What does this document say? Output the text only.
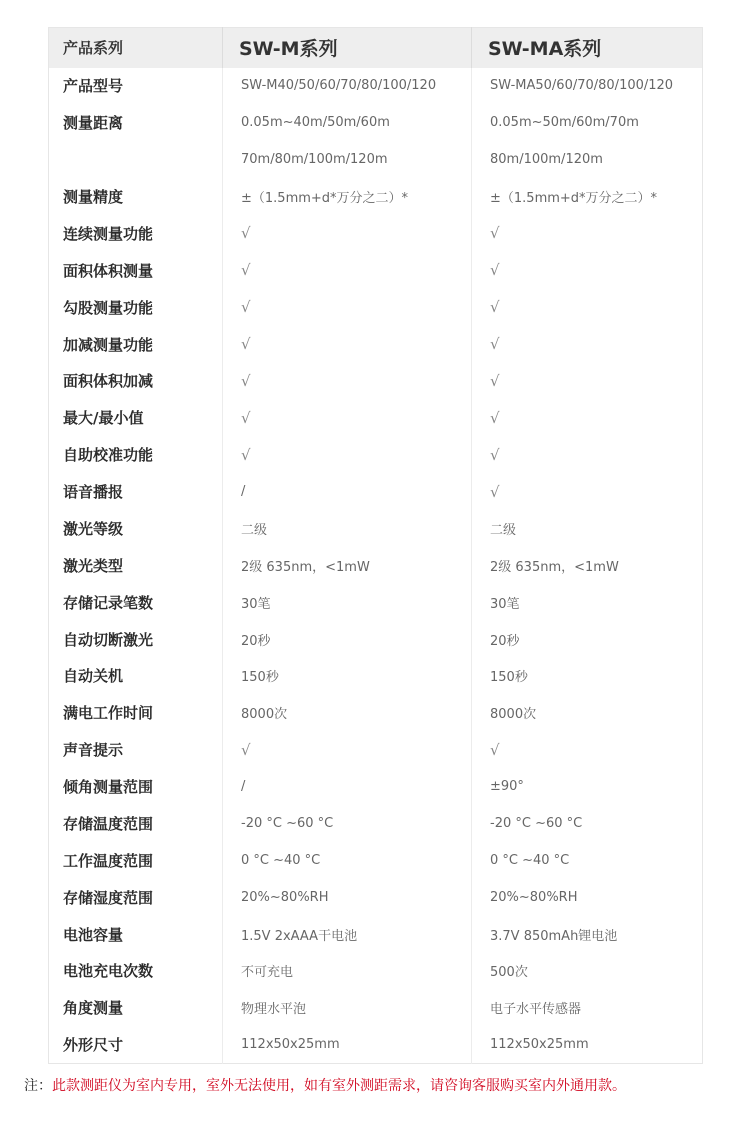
产品系列	SW-M系列	SW-MA系列
产品型号	SW-M40/50/60/70/80/100/120	SW-MA50/60/70/80/100/120
测量距离	0.05m~40m/50m/60m	0.05m~50m/60m/70m
	70m/80m/100m/120m	80m/100m/120m
测量精度	±（1.5mm+d*万分之二）*	±（1.5mm+d*万分之二）*
连续测量功能	√	√
面积体积测量	√	√
勾股测量功能	√	√
加减测量功能	√	√
面积体积加减	√	√
最大/最小值	√	√
自助校准功能	√	√
语音播报	/	√
激光等级	二级	二级
激光类型	2级 635nm，<1mW	2级 635nm，<1mW
存储记录笔数	30笔	30笔
自动切断激光	20秒	20秒
自动关机	150秒	150秒
满电工作时间	8000次	8000次
声音提示	√	√
倾角测量范围	/	±90°
存储温度范围	-20 °C ~60 °C	-20 °C ~60 °C
工作温度范围	0 °C ~40 °C	0 °C ~40 °C
存储湿度范围	20%~80%RH	20%~80%RH
电池容量	1.5V 2xAAA干电池	3.7V 850mAh锂电池
电池充电次数	不可充电	500次
角度测量	物理水平泡	电子水平传感器
外形尺寸	112x50x25mm	112x50x25mm
注：此款测距仪为室内专用，室外无法使用，如有室外测距需求，请咨询客服购买室内外通用款。
